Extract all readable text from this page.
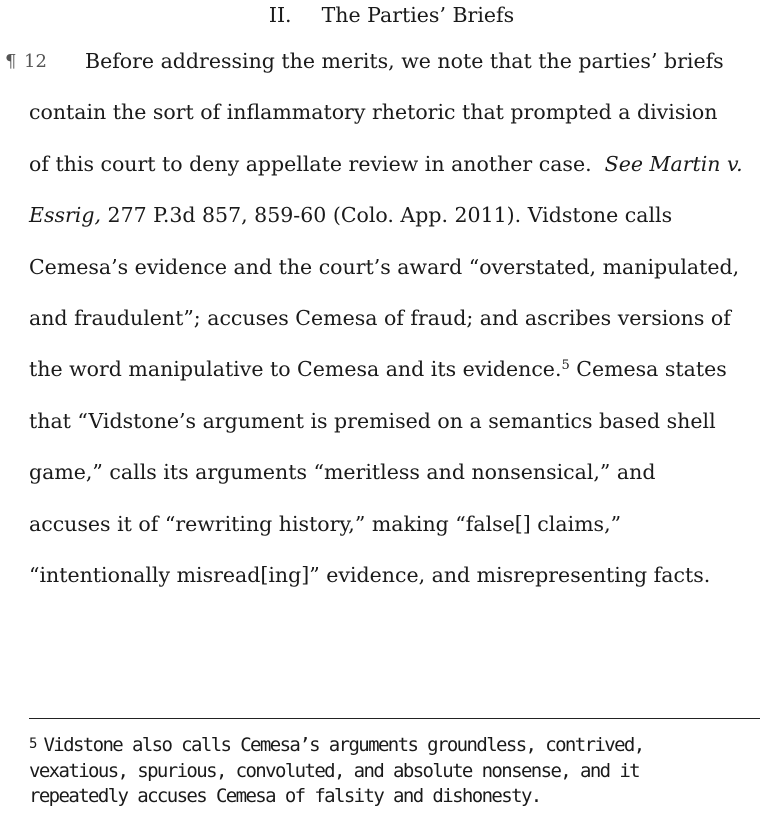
II. The Parties’ Briefs
¶ 12 Before addressing the merits, we note that the parties’ briefs
contain the sort of inflammatory rhetoric that prompted a division
of this court to deny appellate review in another case. See Martin v.
Essrig, 277 P.3d 857, 859-60 (Colo. App. 2011). Vidstone calls
Cemesa’s evidence and the court’s award “overstated, manipulated,
and fraudulent”; accuses Cemesa of fraud; and ascribes versions of
the word manipulative to Cemesa and its evidence.$^5$ Cemesa states
that “Vidstone’s argument is premised on a semantics based shell
game,” calls its arguments “meritless and nonsensical,” and
accuses it of “rewriting history,” making “false[] claims,”
“intentionally misread[ing]” evidence, and misrepresenting facts.
5 Vidstone also calls Cemesa’s arguments groundless, contrived,
vexatious, spurious, convoluted, and absolute nonsense, and it
repeatedly accuses Cemesa of falsity and dishonesty.
